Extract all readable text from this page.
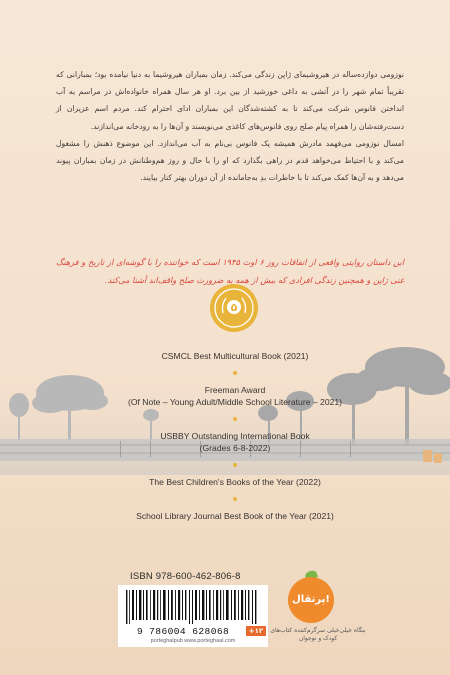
نوزومی دوازده‌ساله در هیروشیمای ژاپن زندگی می‌کند. زمان بمباران هیروشیما به دنیا نیامده بود؛ بمبارانی که تقریباً تمام شهر را در آتشی به داغی خورشید از بین برد. او هر سال همراه خانواده‌اش در مراسم به آب انداختن فانوس شرکت می‌کند تا به کشته‌شدگان این بمباران ادای احترام کند. مردم اسم عزیزان از دست‌رفته‌شان را همراه پیام صلح روی فانوس‌های کاغذی می‌نویسند و آن‌ها را به رودخانه می‌اندازند.

امسال نوزومی می‌فهمد مادرش همیشه یک فانوس بی‌نام به آب می‌اندازد. این موضوع ذهنش را مشغول می‌کند و با احتیاط می‌خواهد قدم در راهی بگذارد که او را با حال و روز هم‌وطنانش در زمان بمباران پیوند می‌دهد و به آن‌ها کمک می‌کند تا با خاطرات بدِ به‌جامانده از آن دوران بهتر کنار بیایند.

این داستان روایتی واقعی از اتفاقات روز ۶ اوت ۱۹۴۵ است که خواننده را با گوشه‌ای از تاریخ و فرهنگ غنی ژاپن و همچنین زندگی افرادی که بیش از همه به ضرورت صلح واقف‌اند آشنا می‌کند.
۵
CSMCL Best Multicultural Book (2021)
Freeman Award
(Of Note – Young Adult/Middle School Literature – 2021)
USBBY Outstanding International Book
(Grades 6-8-2022)
The Best Children's Books of the Year (2022)
School Library Journal Best Book of the Year (2021)
ISBN 978-600-462-806-8
9 786004 628068	+۱۲
porteghalpub www.porteghaal.com
پرتقال!
بنگاه خیلی‌خیلی سرگرم‌کننده کتاب‌های کودک و نوجوان
